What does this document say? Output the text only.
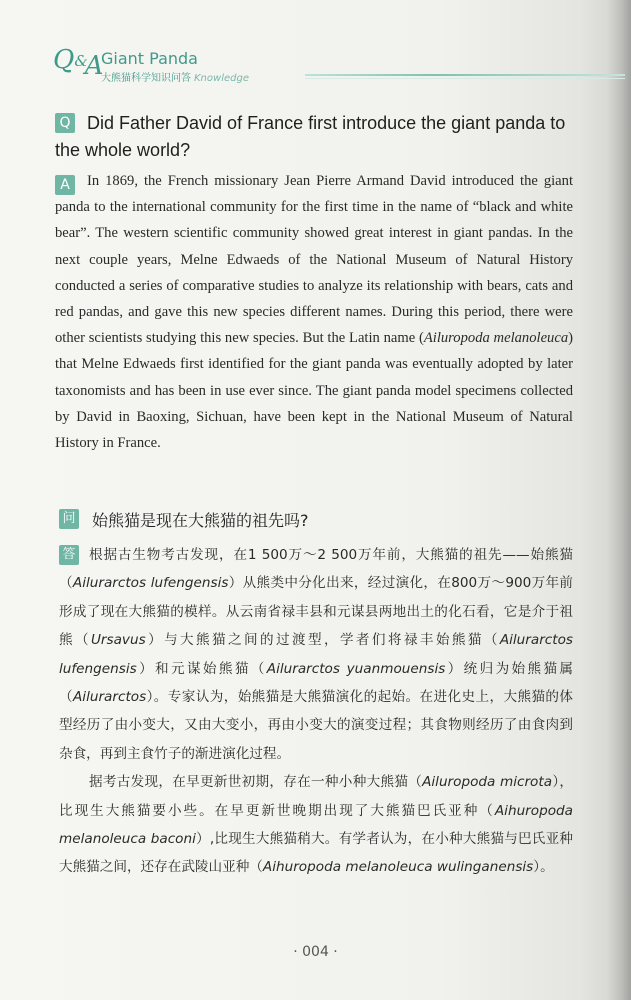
Q&A
Giant Panda
大熊猫科学知识问答 Knowledge
Q Did Father David of France first introduce the giant panda to the whole world?
A	In 1869, the French missionary Jean Pierre Armand David introduced the giant panda to the international community for the first time in the name of “black and white bear”. The western scientific community showed great interest in giant pandas. In the next couple years, Melne Edwaeds of the National Museum of Natural History conducted a series of comparative studies to analyze its relationship with bears, cats and red pandas, and gave this new species different names. During this period, there were other scientists studying this new species. But the Latin name (Ailuropoda melanoleuca) that Melne Edwaeds first identified for the giant panda was eventually adopted by later taxonomists and has been in use ever since. The giant panda model specimens collected by David in Baoxing, Sichuan, have been kept in the National Museum of Natural History in France.

问 始熊猫是现在大熊猫的祖先吗?
答 根据古生物考古发现，在1 500万～2 500万年前，大熊猫的祖先——始熊猫（Ailurarctos lufengensis）从熊类中分化出来，经过演化，在800万～900万年前形成了现在大熊猫的模样。从云南省禄丰县和元谋县两地出土的化石看，它是介于祖熊（Ursavus）与大熊猫之间的过渡型，学者们将禄丰始熊猫（Ailurarctos lufengensis）和元谋始熊猫（Ailurarctos yuanmouensis）统归为始熊猫属（Ailurarctos）。专家认为，始熊猫是大熊猫演化的起始。在进化史上，大熊猫的体型经历了由小变大，又由大变小，再由小变大的演变过程；其食物则经历了由食肉到杂食，再到主食竹子的渐进演化过程。

据考古发现，在早更新世初期，存在一种小种大熊猫（Ailuropoda microta），比现生大熊猫要小些。在早更新世晚期出现了大熊猫巴氏亚种（Aihuropoda melanoleuca baconi）,比现生大熊猫稍大。有学者认为，在小种大熊猫与巴氏亚种大熊猫之间，还存在武陵山亚种（Aihuropoda melanoleuca wulinganensis）。

· 004 ·
